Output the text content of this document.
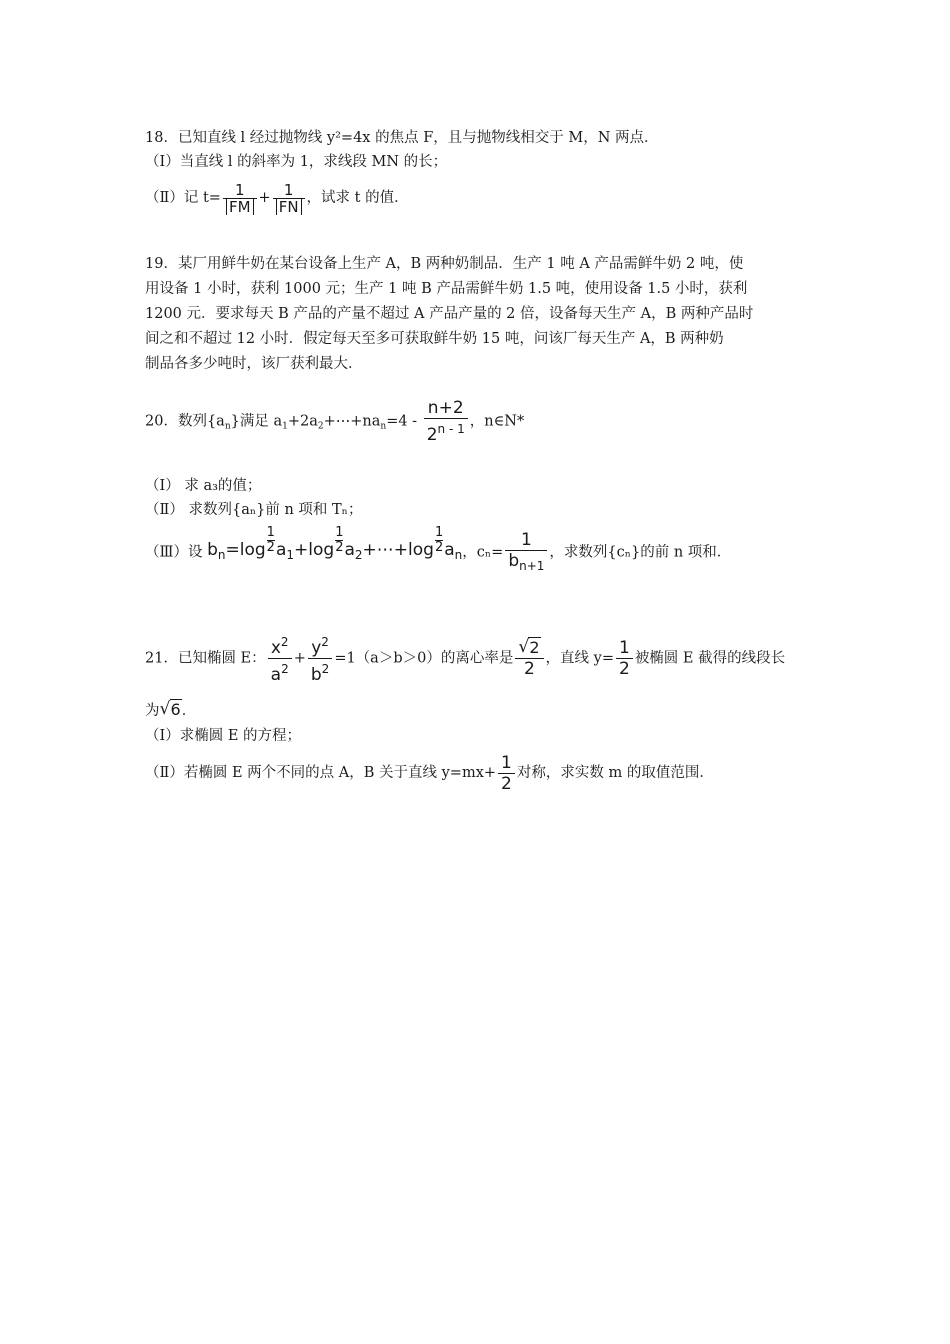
18．已知直线 l 经过抛物线 y²=4x 的焦点 F，且与抛物线相交于 M，N 两点．
（Ⅰ）当直线 l 的斜率为 1，求线段 MN 的长；
（Ⅱ）记 $t= \frac{1}{FM} + \frac{1}{FN}$ ，试求 t 的值．
19．某厂用鲜牛奶在某台设备上生产 A，B 两种奶制品．生产 1 吨 A 产品需鲜牛奶 2 吨，使
用设备 1 小时，获利 1000 元；生产 1 吨 B 产品需鲜牛奶 1.5 吨，使用设备 1.5 小时，获利
1200 元．要求每天 B 产品的产量不超过 A 产品产量的 2 倍，设备每天生产 A，B 两种产品时
间之和不超过 12 小时．假定每天至多可获取鲜牛奶 15 吨，问该厂每天生产 A，B 两种奶
制品各多少吨时，该厂获利最大．
20．数列$\{a_n\}$满足 $a_1+2a_2+\cdots+na_n=4 - \frac{n+2}{2^{n - 1}}$ ，n∈N*
（Ⅰ） 求 a₃的值；
（Ⅱ） 求数列{aₙ}前 n 项和 Tₙ；
（Ⅲ）设 $b_n=\log \frac{1}{2} a_1+\log \frac{1}{2}$ $a_2+\cdots+\log \frac{1}{2} a_n$，$c_n= \frac{1}{b_{n+1}}$ ，求数列{cₙ}的前 n 项和．
21．已知椭圆 E： $\frac{x^2}{a^2} + \frac{y^2}{b^2} =1(a>b>0)$的离心率是 $\frac{√ 2}{2}$ ，直线 $y= \frac{1}{2}$ 被椭圆 E 截得的线段长
为 √ 6．
（Ⅰ）求椭圆 E 的方程；
（Ⅱ）若椭圆 E 两个不同的点 A，B 关于直线 $y=mx+ \frac{1}{2}$ 对称，求实数 m 的取值范围．
